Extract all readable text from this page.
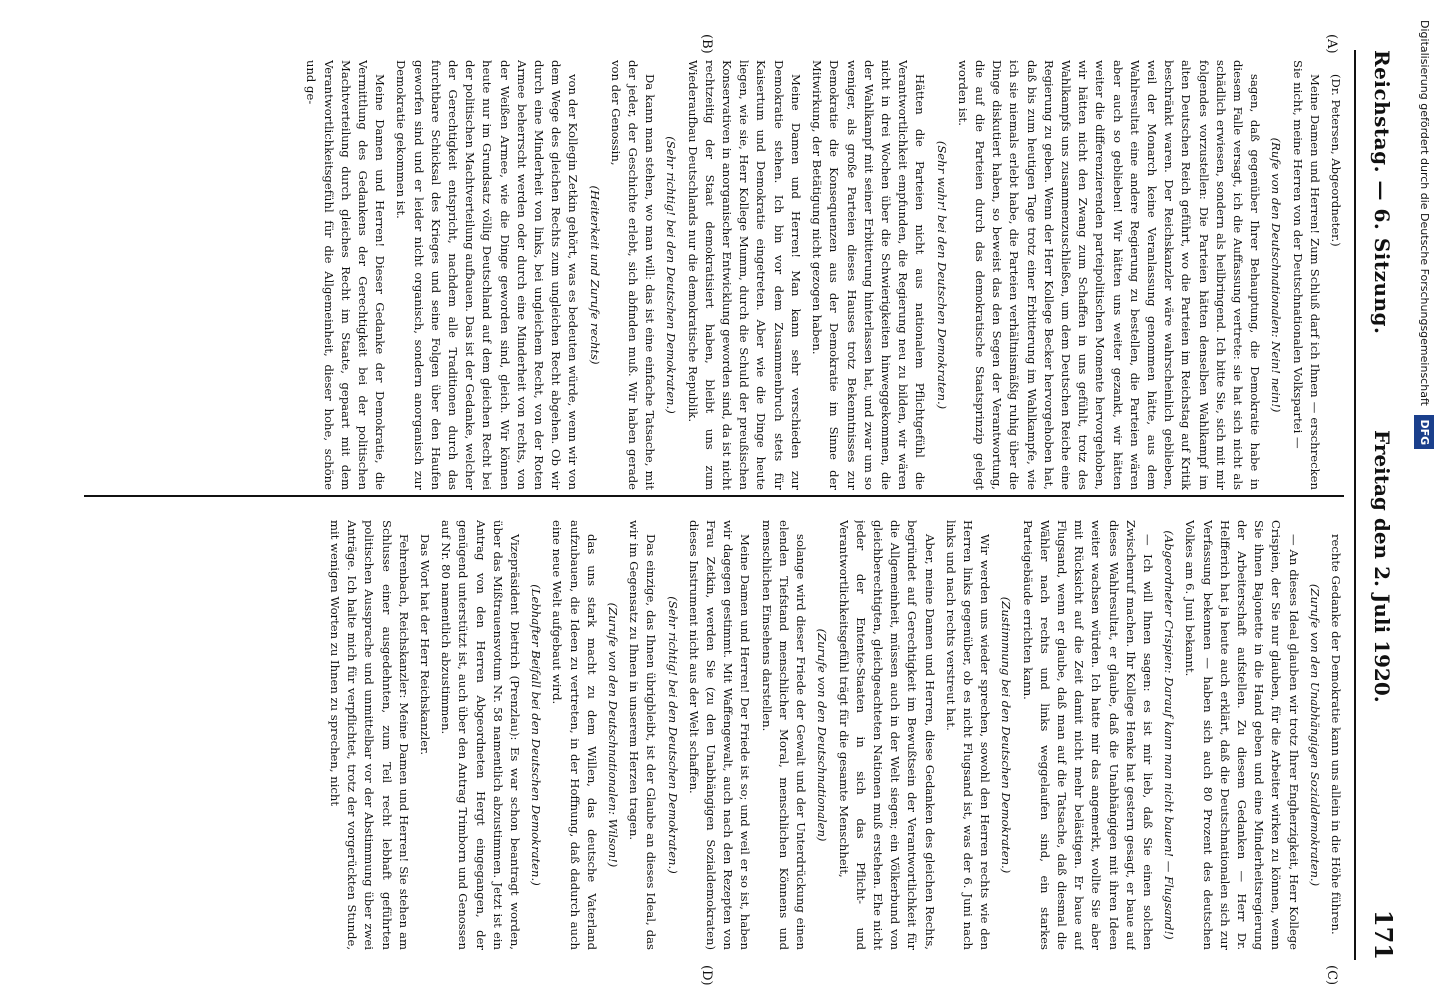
Digitalisierung gefördert durch die Deutsche Forschungsgemeinschaft DFG
Reichstag. — 6. Sitzung.
Freitag den 2. Juli 1920.
171
(A)
(B)
(C)
(D)

(Dr. Petersen, Abgeordneter.)

Meine Damen und Herren! Zum Schluß darf ich Ihnen — erschrecken Sie nicht, meine Herren von der Deutschnationalen Volkspartei —

(Rufe von den Deutschnationalen: Nein! nein!)

sagen, daß gegenüber Ihrer Behauptung, die Demokratie habe in diesem Falle versagt, ich die Auffassung vertrete: sie hat sich nicht als schädlich erwiesen, sondern als heilbringend. Ich bitte Sie, sich mit mir folgendes vorzustellen: Die Parteien hätten denselben Wahlkampf im alten Deutschen Reich geführt, wo die Parteien im Reichstag auf Kritik beschränkt waren. Der Reichskanzler wäre wahrscheinlich geblieben, weil der Monarch keine Veranlassung genommen hätte, aus dem Wahlresultat eine andere Regierung zu bestellen, die Parteien wären aber auch so geblieben! Wir hätten uns weiter gezankt, wir hätten weiter die differenzierenden parteipolitischen Momente hervorgehoben, wir hätten nicht den Zwang zum Schaffen in uns gefühlt, trotz des Wahlkampfs uns zusammenzuschließen, um dem Deutschen Reiche eine Regierung zu geben. Wenn der Herr Kollege Becker hervorgehoben hat, daß bis zum heutigen Tage trotz einer Erbitterung im Wahlkampfe, wie ich sie niemals erlebt habe, die Parteien verhältnismäßig ruhig über die Dinge diskutiert haben, so beweist das den Segen der Verantwortung, die auf die Parteien durch das demokratische Staatsprinzip gelegt worden ist.

(Sehr wahr! bei den Deutschen Demokraten.)

Hätten die Parteien nicht aus nationalem Pflichtgefühl die Verantwortlichkeit empfunden, die Regierung neu zu bilden, wir wären nicht in drei Wochen über die Schwierigkeiten hinweggekommen, die der Wahlkampf mit seiner Erbitterung hinterlassen hat, und zwar um so weniger, als große Parteien dieses Hauses trotz Bekenntnisses zur Demokratie die Konsequenzen aus der Demokratie im Sinne der Mitwirkung, der Betätigung nicht gezogen haben.

Meine Damen und Herren! Man kann sehr verschieden zur Demokratie stehen. Ich bin vor dem Zusammenbruch stets für Kaisertum und Demokratie eingetreten. Aber wie die Dinge heute liegen, wie sie, Herr Kollege Mumm, durch die Schuld der preußischen Konservativen in anorganischer Entwicklung geworden sind, da ist nicht rechtzeitig der Staat demokratisiert haben, bleibt uns zum Wiederaufbau Deutschlands nur die demokratische Republik.

(Sehr richtig! bei den Deutschen Demokraten.)

Da kann man stehen, wo man will: das ist eine einfache Tatsache, mit der jeder, der Geschichte erlebt, sich abfinden muß. Wir haben gerade von der Genossin,

(Heiterkeit und Zurufe rechts)

von der Kollegin Zetkin gehört, was es bedeuten würde, wenn wir von dem Wege des gleichen Rechts zum ungleichen Recht abgehen. Ob wir durch eine Minderheit von links, bei ungleichem Recht, von der Roten Armee beherrscht werden oder durch eine Minderheit von rechts, von der Weißen Armee, wie die Dinge geworden sind, gleich. Wir können heute nur im Grundsatz völlig Deutschland auf dem gleichen Recht bei der politischen Machtverteilung aufbauen. Das ist der Gedanke, welcher der Gerechtigkeit entspricht, nachdem alle Traditionen durch das furchtbare Schicksal des Krieges und seine Folgen über den Haufen geworfen sind und er leider nicht organisch, sondern anorganisch zur Demokratie gekommen ist.

Meine Damen und Herren! Dieser Gedanke der Demokratie, die Vermittlung des Gedankens der Gerechtigkeit bei der politischen Machtverteilung durch gleiches Recht im Staate, gepaart mit dem Verantwortlichkeitsgefühl für die Allgemeinheit, dieser hohe, schöne und ge-

rechte Gedanke der Demokratie kann uns allein in die Höhe führen.

(Zurufe von den Unabhängigen Sozialdemokraten.)

— An dieses Ideal glauben wir trotz Ihrer Engherzigkeit, Herr Kollege Crispien, der Sie nur glauben, für die Arbeiter wirken zu können, wenn Sie ihnen Bajonette in die Hand geben und eine Minderheitsregierung der Arbeiterschaft aufstellen. Zu diesem Gedanken — Herr Dr. Helfferich hat ja heute auch erklärt, daß die Deutschnationalen sich zur Verfassung bekennen — haben sich auch 80 Prozent des deutschen Volkes am 6. Juni bekannt.

(Abgeordneter Crispien: Darauf kann man nicht bauen! — Flugsand!)

— Ich will Ihnen sagen: es ist mir lieb, daß Sie einen solchen Zwischenruf machen. Ihr Kollege Henke hat gestern gesagt, er baue auf dieses Wahlresultat, er glaube, daß die Unabhängigen mit ihren Ideen weiter wachsen würden. Ich hatte mir das angemerkt, wollte Sie aber mit Rücksicht auf die Zeit damit nicht mehr belästigen. Er baue auf Flugsand, wenn er glaube, daß man auf die Tatsache, daß diesmal die Wähler nach rechts und links weggelaufen sind, ein starkes Parteigebäude errichten kann.

(Zustimmung bei den Deutschen Demokraten.)

Wir werden uns wieder sprechen, sowohl den Herren rechts wie den Herren links gegenüber, ob es nicht Flugsand ist, was der 6. Juni nach links und nach rechts verstreut hat.

Aber, meine Damen und Herren, diese Gedanken des gleichen Rechts, begründet auf Gerechtigkeit im Bewußtsein der Verantwortlichkeit für die Allgemeinheit, müssen auch in der Welt siegen; ein Völkerbund von gleichberechtigten, gleichgeachteten Nationen muß erstehen. Ehe nicht jeder der Entente-Staaten in sich das Pflicht- und Verantwortlichkeitsgefühl trägt für die gesamte Menschheit,

(Zurufe von den Deutschnationalen)

solange wird dieser Friede der Gewalt und der Unterdrückung einen elenden Tiefstand menschlicher Moral, menschlichen Könnens und menschlichen Einsehens darstellen.

Meine Damen und Herren! Der Friede ist so; und weil er so ist, haben wir dagegen gestimmt. Mit Waffengewalt, auch nach den Rezepten von Frau Zetkin, werden Sie (zu den Unabhängigen Sozialdemokraten) dieses Instrument nicht aus der Welt schaffen.

(Sehr richtig! bei den Deutschen Demokraten.)

Das einzige, das Ihnen übrigbleibt, ist der Glaube an dieses Ideal, das wir im Gegensatz zu Ihnen in unserem Herzen tragen.

(Zurufe von den Deutschnationalen: Wilson!)

das uns stark macht zu dem Willen, das deutsche Vaterland aufzubauen, die Ideen zu vertreten, in der Hoffnung, daß dadurch auch eine neue Welt aufgebaut wird.

(Lebhafter Beifall bei den Deutschen Demokraten.)

Vizepräsident Dietrich (Prenzlau): Es war schon beantragt worden, über das Mißtrauensvotum Nr. 58 namentlich abzustimmen. Jetzt ist ein Antrag von den Herren Abgeordneten Hergt eingegangen, der genügend unterstützt ist, auch über den Antrag Trimborn und Genossen auf Nr. 80 namentlich abzustimmen.

Das Wort hat der Herr Reichskanzler.

Fehrenbach, Reichskanzler: Meine Damen und Herren! Sie stehen am Schlusse einer ausgedehnten, zum Teil recht lebhaft geführten politischen Aussprache und unmittelbar vor der Abstimmung über zwei Anträge. Ich halte mich für verpflichtet, trotz der vorgerückten Stunde, mit wenigen Worten zu Ihnen zu sprechen, nicht
